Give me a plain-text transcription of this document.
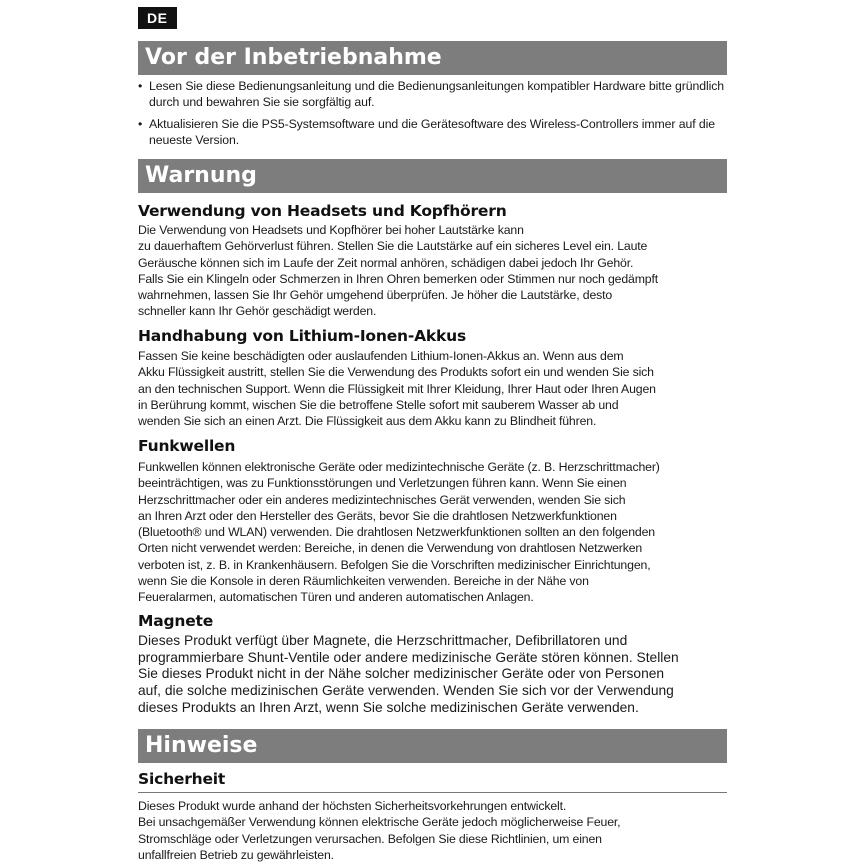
DE
Vor der Inbetriebnahme
• Lesen Sie diese Bedienungsanleitung und die Bedienungsanleitungen kompatibler Hardware bitte gründlich durch und bewahren Sie sie sorgfältig auf.
• Aktualisieren Sie die PS5-Systemsoftware und die Gerätesoftware des Wireless-Controllers immer auf die neueste Version.
Warnung
Verwendung von Headsets und Kopfhörern
Die Verwendung von Headsets und Kopfhörer bei hoher Lautstärke kann
zu dauerhaftem Gehörverlust führen. Stellen Sie die Lautstärke auf ein sicheres Level ein. Laute
Geräusche können sich im Laufe der Zeit normal anhören, schädigen dabei jedoch Ihr Gehör.
Falls Sie ein Klingeln oder Schmerzen in Ihren Ohren bemerken oder Stimmen nur noch gedämpft
wahrnehmen, lassen Sie Ihr Gehör umgehend überprüfen. Je höher die Lautstärke, desto
schneller kann Ihr Gehör geschädigt werden.
Handhabung von Lithium-Ionen-Akkus
Fassen Sie keine beschädigten oder auslaufenden Lithium-Ionen-Akkus an. Wenn aus dem
Akku Flüssigkeit austritt, stellen Sie die Verwendung des Produkts sofort ein und wenden Sie sich
an den technischen Support. Wenn die Flüssigkeit mit Ihrer Kleidung, Ihrer Haut oder Ihren Augen
in Berührung kommt, wischen Sie die betroffene Stelle sofort mit sauberem Wasser ab und
wenden Sie sich an einen Arzt. Die Flüssigkeit aus dem Akku kann zu Blindheit führen.
Funkwellen
Funkwellen können elektronische Geräte oder medizintechnische Geräte (z. B. Herzschrittmacher)
beeinträchtigen, was zu Funktionsstörungen und Verletzungen führen kann. Wenn Sie einen
Herzschrittmacher oder ein anderes medizintechnisches Gerät verwenden, wenden Sie sich
an Ihren Arzt oder den Hersteller des Geräts, bevor Sie die drahtlosen Netzwerkfunktionen
(Bluetooth® und WLAN) verwenden. Die drahtlosen Netzwerkfunktionen sollten an den folgenden
Orten nicht verwendet werden: Bereiche, in denen die Verwendung von drahtlosen Netzwerken
verboten ist, z. B. in Krankenhäusern. Befolgen Sie die Vorschriften medizinischer Einrichtungen,
wenn Sie die Konsole in deren Räumlichkeiten verwenden. Bereiche in der Nähe von
Feueralarmen, automatischen Türen und anderen automatischen Anlagen.
Magnete
Dieses Produkt verfügt über Magnete, die Herzschrittmacher, Defibrillatoren und
programmierbare Shunt-Ventile oder andere medizinische Geräte stören können. Stellen
Sie dieses Produkt nicht in der Nähe solcher medizinischer Geräte oder von Personen
auf, die solche medizinischen Geräte verwenden. Wenden Sie sich vor der Verwendung
dieses Produkts an Ihren Arzt, wenn Sie solche medizinischen Geräte verwenden.
Hinweise
Sicherheit
Dieses Produkt wurde anhand der höchsten Sicherheitsvorkehrungen entwickelt.
Bei unsachgemäßer Verwendung können elektrische Geräte jedoch möglicherweise Feuer,
Stromschläge oder Verletzungen verursachen. Befolgen Sie diese Richtlinien, um einen
unfallfreien Betrieb zu gewährleisten.
